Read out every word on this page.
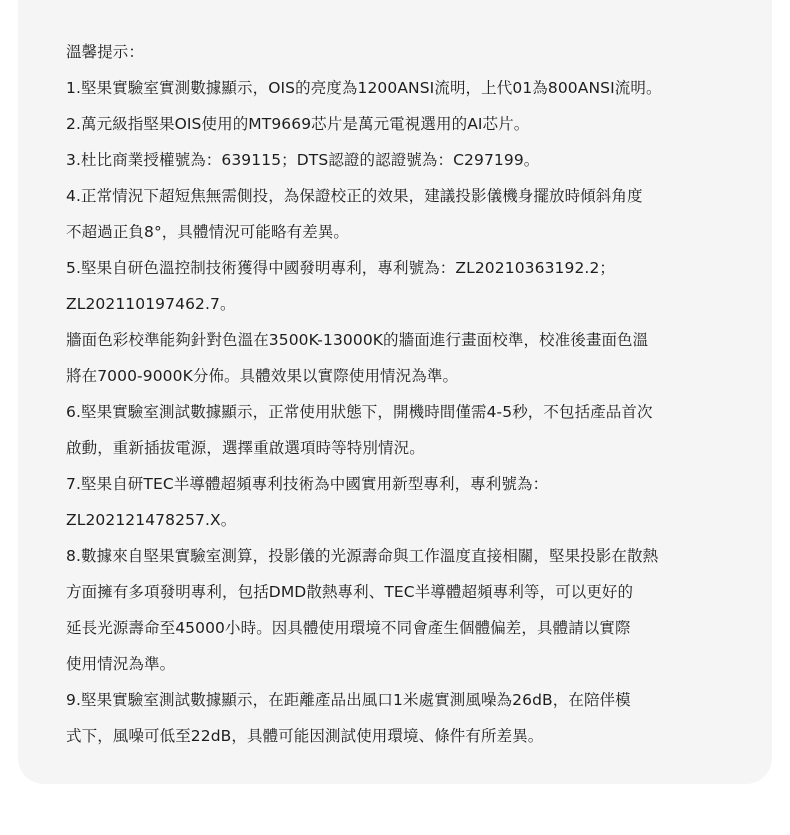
溫馨提示：
1.堅果實驗室實測數據顯示，OIS的亮度為1200ANSI流明，上代01為800ANSI流明。
2.萬元級指堅果OIS使用的MT9669芯片是萬元電視選用的AI芯片。
3.杜比商業授權號為：639115；DTS認證的認證號為：C297199。
4.正常情況下超短焦無需側投，為保證校正的效果，建議投影儀機身擺放時傾斜角度
不超過正負8°，具體情況可能略有差異。
5.堅果自研色溫控制技術獲得中國發明專利，專利號為：ZL20210363192.2；
ZL202110197462.7。
牆面色彩校準能夠針對色溫在3500K-13000K的牆面進行畫面校準，校准後畫面色溫
將在7000-9000K分佈。具體效果以實際使用情況為準。
6.堅果實驗室測試數據顯示，正常使用狀態下，開機時間僅需4-5秒，不包括產品首次
啟動，重新插拔電源，選擇重啟選項時等特別情況。
7.堅果自研TEC半導體超頻專利技術為中國實用新型專利，專利號為：
ZL202121478257.X。
8.數據來自堅果實驗室測算，投影儀的光源壽命與工作溫度直接相關，堅果投影在散熱
方面擁有多項發明專利，包括DMD散熱專利、TEC半導體超頻專利等，可以更好的
延長光源壽命至45000小時。因具體使用環境不同會產生個體偏差，具體請以實際
使用情況為準。
9.堅果實驗室測試數據顯示，在距離產品出風口1米處實測風噪為26dB，在陪伴模
式下，風噪可低至22dB，具體可能因測試使用環境、條件有所差異。
